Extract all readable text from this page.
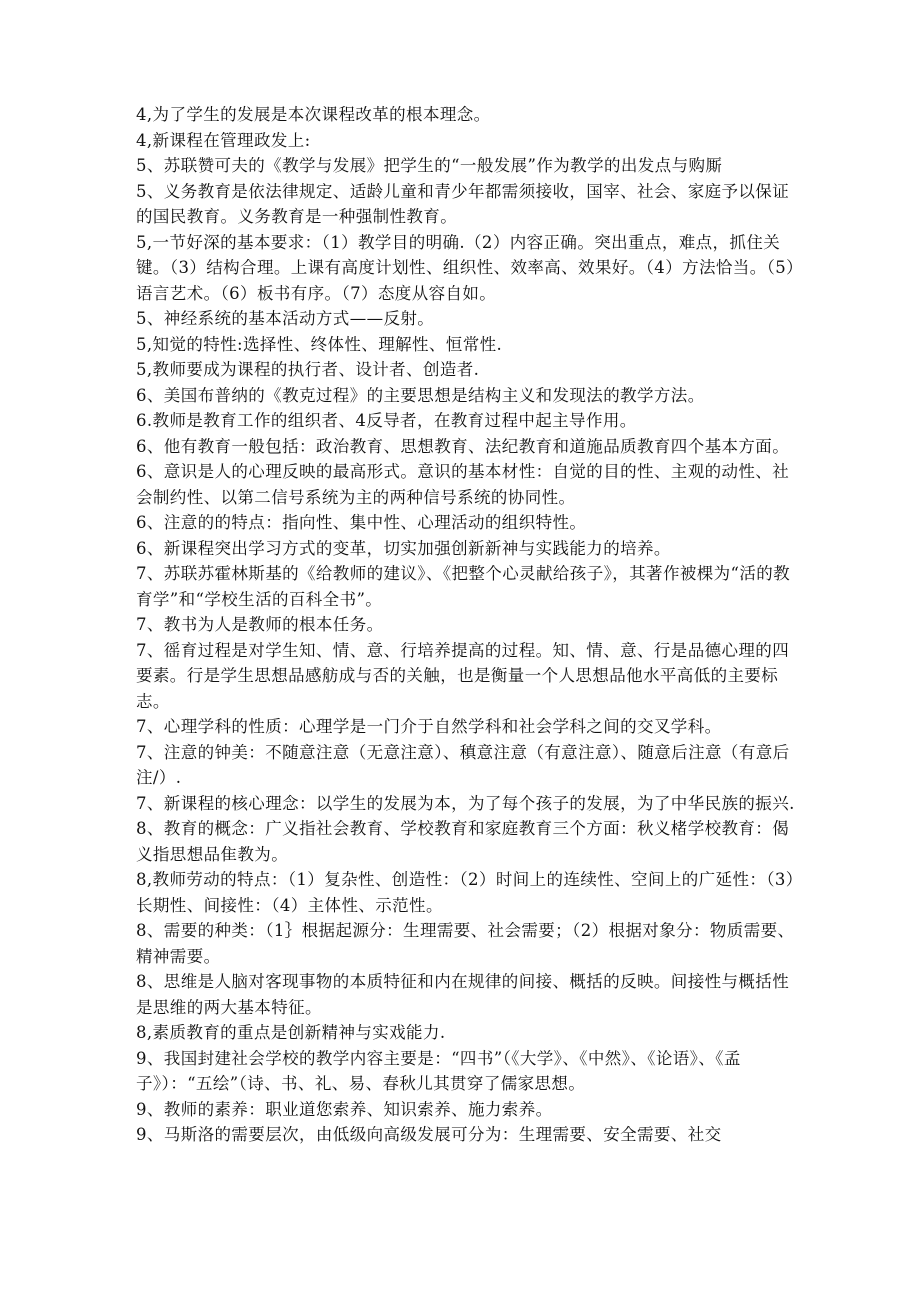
4,为了学生的发展是本次课程改革的根本理念。

4,新课程在管理政发上:

5、苏联赞可夫的《教学与发展》把学生的“一般发展”作为教学的出发点与购厮

5、义务教育是依法律规定、适龄儿童和青少年都需须接收，国宰、社会、家庭予以保证的国民教育。义务教育是一种强制性教育。

5,一节好深的基本要求：（1）教学目的明确.（2）内容正确。突出重点，难点，抓住关键。（3）结构合理。上课有高度计划性、组织性、效率高、效果好。（4）方法恰当。（5）语言艺术。（6）板书有序。（7）态度从容自如。

5、神经系统的基本活动方式——反射。

5,知觉的特性:选择性、终体性、理解性、恒常性.

5,教师要成为课程的执行者、设计者、创造者.

6、美国布普纳的《教克过程》的主要思想是结构主义和发现法的教学方法。

6.教师是教育工作的组织者、4反导者，在教育过程中起主导作用。

6、他有教育一般包括：政治教育、思想教育、法纪教育和道施品质教育四个基本方面。

6、意识是人的心理反映的最高形式。意识的基本材性：自觉的目的性、主观的动性、社会制约性、以第二信号系统为主的两种信号系统的协同性。

6、注意的的特点：指向性、集中性、心理活动的组织特性。

6、新课程突出学习方式的变革，切实加强创新新神与实践能力的培养。

7、苏联苏霍林斯基的《给教师的建议》、《把整个心灵献给孩子》，其著作被棵为“活的教育学”和“学校生活的百科全书”。

7、教书为人是教师的根本任务。

7、徭育过程是对学生知、情、意、行培养提高的过程。知、情、意、行是品德心理的四要素。行是学生思想品感舫成与否的关触，也是衡量一个人思想品他水平高低的主要标志。

7、心理学科的性质：心理学是一门介于自然学科和社会学科之间的交叉学科。

7、注意的钟美：不随意注意（无意注意）、稹意注意（有意注意）、随意后注意（有意后注/）.

7、新课程的核心理念：以学生的发展为本，为了每个孩子的发展，为了中华民族的振兴.

8、教育的概念：广义指社会教育、学校教育和家庭教育三个方面：秋义楮学校教育：偈义指思想品隹教为。

8,教师劳动的特点：（1）复杂性、创造性：（2）时间上的连续性、空间上的广延性：（3）长期性、间接性：（4）主体性、示范性。

8、需要的种类：（1｝根据起源分：生理需要、社会需要；（2）根据对象分：物质需要、精神需要。

8、思维是人脑对客现事物的本质特征和内在规律的间接、概括的反映。间接性与概括性是思维的两大基本特征。

8,素质教育的重点是创新精神与实戏能力.

9、我国封建社会学校的教学内容主要是：“四书”（《大学》、《中然》、《论语》、《孟子》）：“五绘”（诗、书、礼、易、春秋儿其贯穿了儒家思想。

9、教师的素养：职业道您索养、知识索养、施力索养。

9、马斯洛的需要层次，由低级向高级发展可分为：生理需要、安全需要、社交
